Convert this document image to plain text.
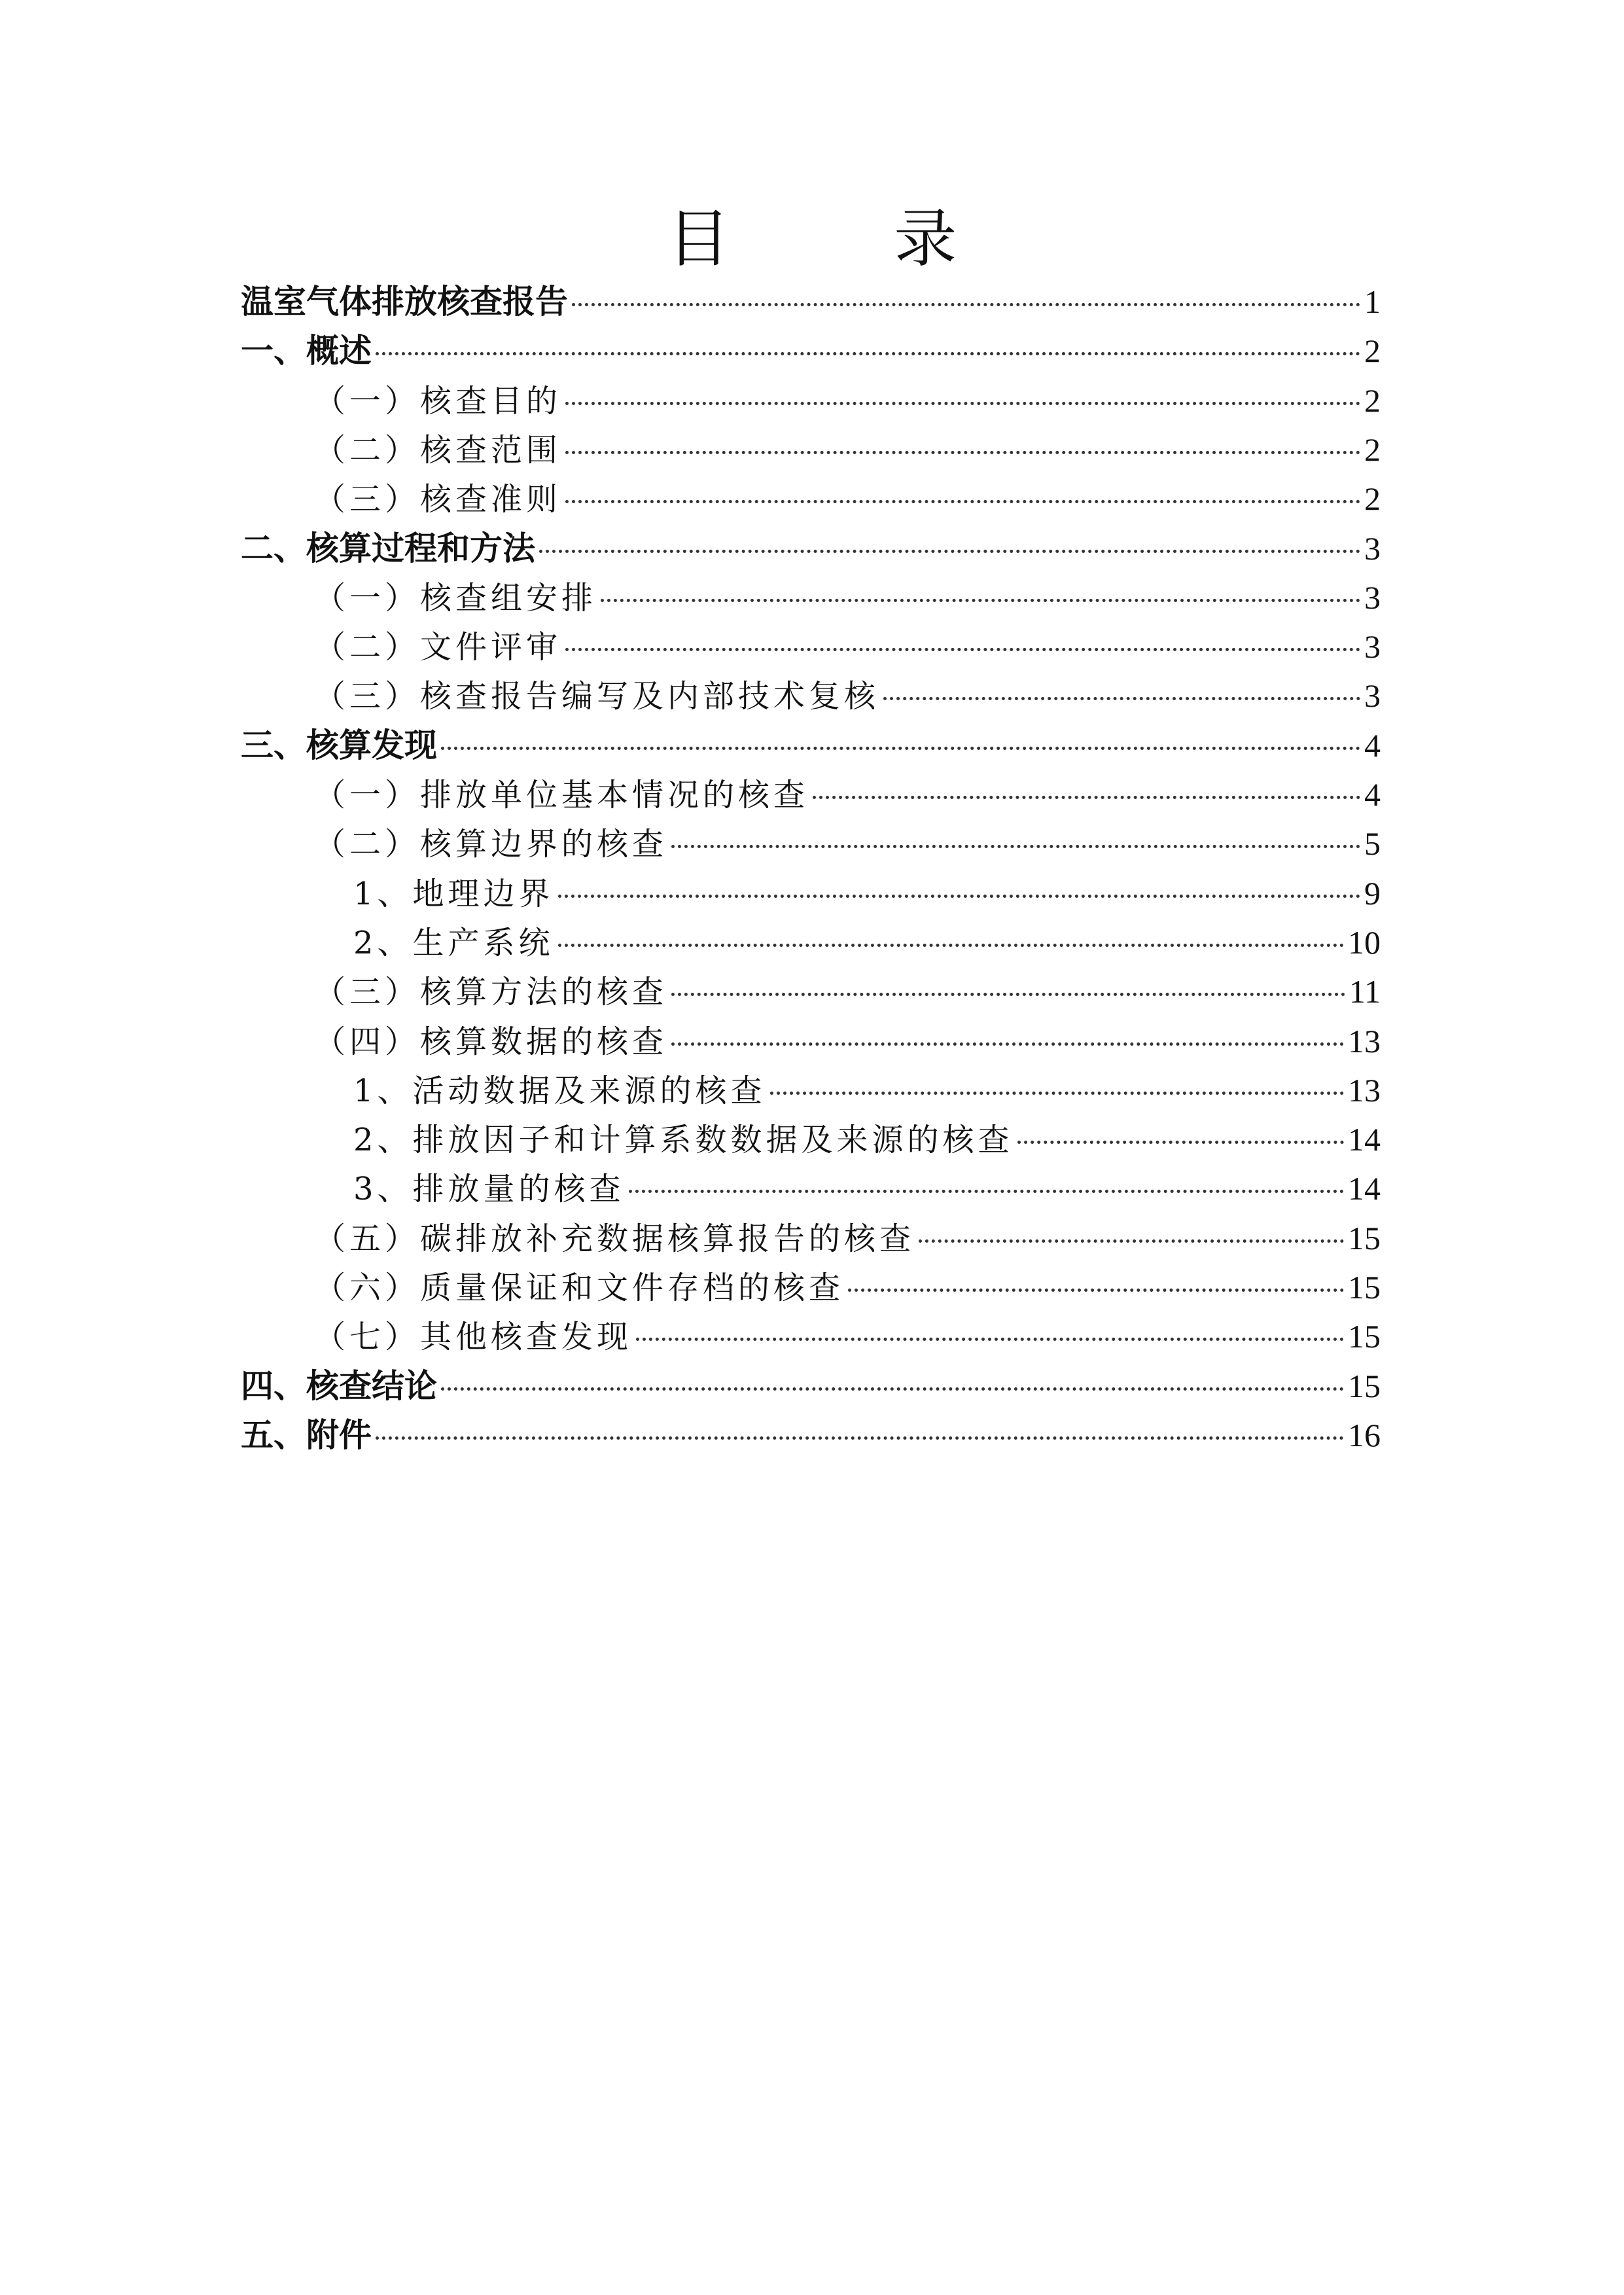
目 录
温室气体排放核查报告	1
一、概述	2
（一）核查目的	2
（二）核查范围	2
（三）核查准则	2
二、核算过程和方法	3
（一）核查组安排	3
（二）文件评审	3
（三）核查报告编写及内部技术复核	3
三、核算发现	4
（一）排放单位基本情况的核查	4
（二）核算边界的核查	5
1、地理边界	9
2、生产系统	10
（三）核算方法的核查	11
（四）核算数据的核查	13
1、活动数据及来源的核查	13
2、排放因子和计算系数数据及来源的核查	14
3、排放量的核查	14
（五）碳排放补充数据核算报告的核查	15
（六）质量保证和文件存档的核查	15
（七）其他核查发现	15
四、核查结论	15
五、附件	16
